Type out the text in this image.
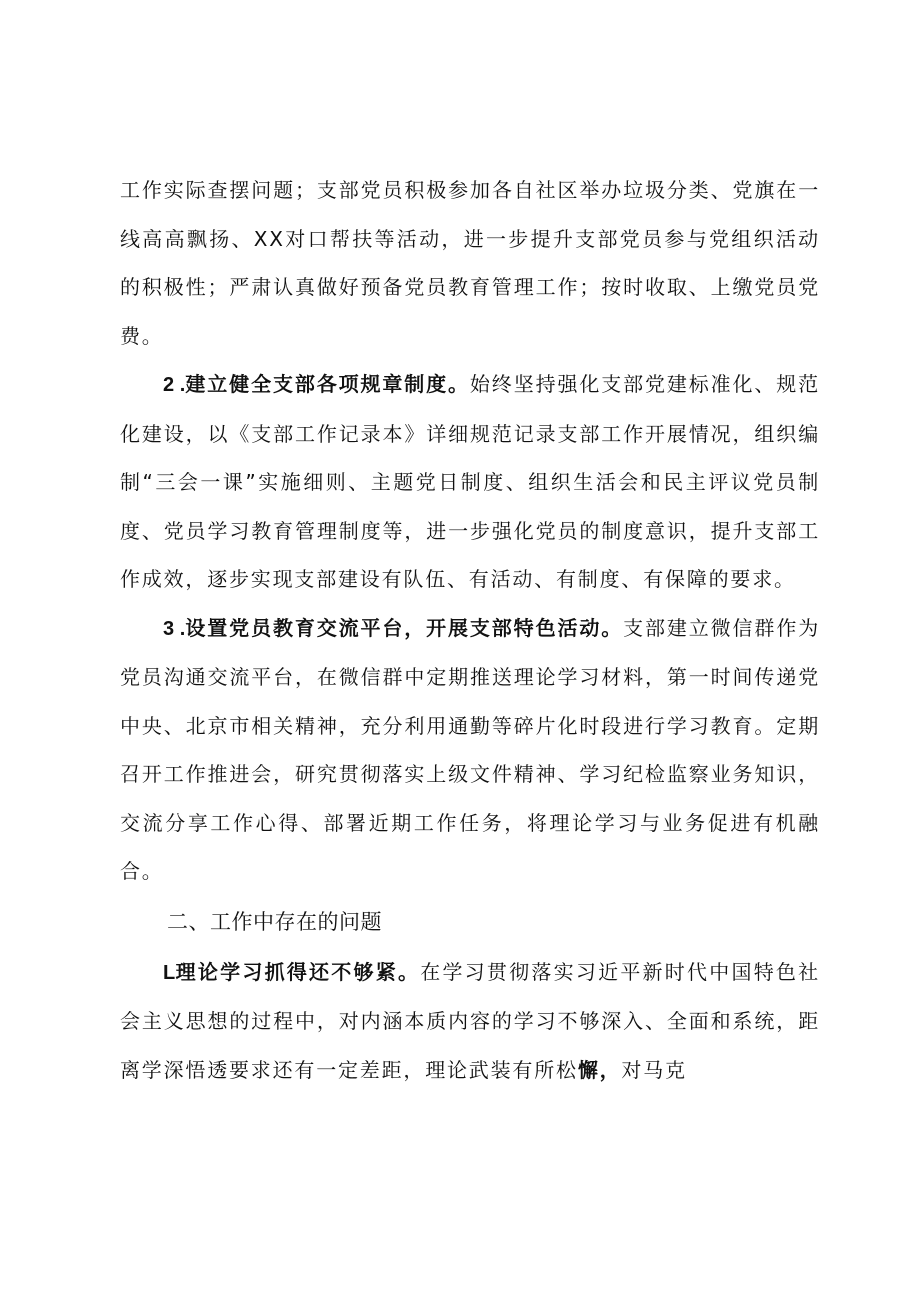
工作实际查摆问题；支部党员积极参加各自社区举办垃圾分类、党旗在一线高高飘扬、XX对口帮扶等活动，进一步提升支部党员参与党组织活动的积极性；严肃认真做好预备党员教育管理工作；按时收取、上缴党员党费。

2 .建立健全支部各项规章制度。始终坚持强化支部党建标准化、规范化建设，以《支部工作记录本》详细规范记录支部工作开展情况，组织编制“三会一课”实施细则、主题党日制度、组织生活会和民主评议党员制度、党员学习教育管理制度等，进一步强化党员的制度意识，提升支部工作成效，逐步实现支部建设有队伍、有活动、有制度、有保障的要求。

3 .设置党员教育交流平台，开展支部特色活动。支部建立微信群作为党员沟通交流平台，在微信群中定期推送理论学习材料，第一时间传递党中央、北京市相关精神，充分利用通勤等碎片化时段进行学习教育。定期召开工作推进会，研究贯彻落实上级文件精神、学习纪检监察业务知识，交流分享工作心得、部署近期工作任务，将理论学习与业务促进有机融合。

二、工作中存在的问题

L理论学习抓得还不够紧。在学习贯彻落实习近平新时代中国特色社会主义思想的过程中，对内涵本质内容的学习不够深入、全面和系统，距离学深悟透要求还有一定差距，理论武装有所松懈，对马克
